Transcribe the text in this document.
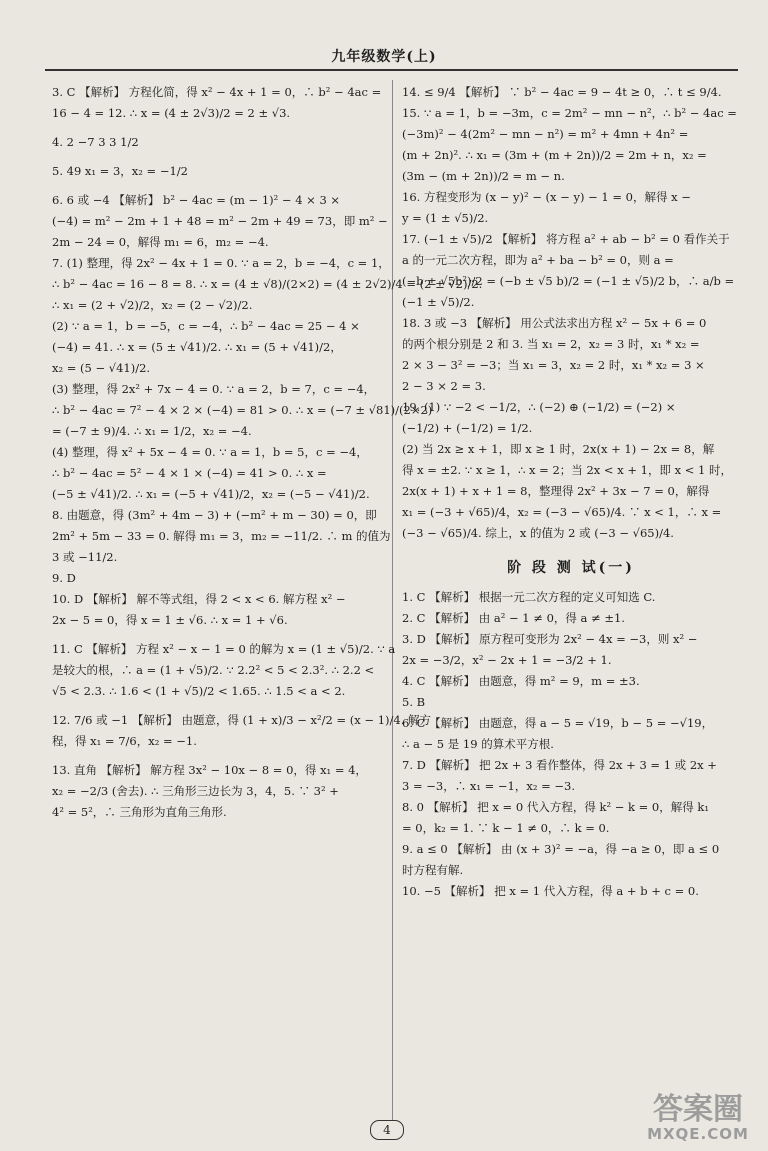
九年级数学(上)
3. C 【解析】 方程化简，得 x² − 4x + 1 = 0，∴ b² − 4ac =
16 − 4 = 12. ∴ x = (4 ± 2√3)/2 = 2 ± √3.
4. 2 −7 3 3 1/2
5. 49 x₁ = 3，x₂ = −1/2
6. 6 或 −4 【解析】 b² − 4ac = (m − 1)² − 4 × 3 ×
(−4) = m² − 2m + 1 + 48 = m² − 2m + 49 = 73，即 m² −
2m − 24 = 0，解得 m₁ = 6，m₂ = −4.
7. (1) 整理，得 2x² − 4x + 1 = 0. ∵ a = 2，b = −4，c = 1，
∴ b² − 4ac = 16 − 8 = 8. ∴ x = (4 ± √8)/(2×2) = (4 ± 2√2)/4 = (2 ± √2)/2.
∴ x₁ = (2 + √2)/2，x₂ = (2 − √2)/2.
(2) ∵ a = 1，b = −5，c = −4，∴ b² − 4ac = 25 − 4 ×
(−4) = 41. ∴ x = (5 ± √41)/2. ∴ x₁ = (5 + √41)/2，
x₂ = (5 − √41)/2.
(3) 整理，得 2x² + 7x − 4 = 0. ∵ a = 2，b = 7，c = −4，
∴ b² − 4ac = 7² − 4 × 2 × (−4) = 81 > 0. ∴ x = (−7 ± √81)/(2×2)
= (−7 ± 9)/4. ∴ x₁ = 1/2，x₂ = −4.
(4) 整理，得 x² + 5x − 4 = 0. ∵ a = 1，b = 5，c = −4，
∴ b² − 4ac = 5² − 4 × 1 × (−4) = 41 > 0. ∴ x =
(−5 ± √41)/2. ∴ x₁ = (−5 + √41)/2，x₂ = (−5 − √41)/2.
8. 由题意，得 (3m² + 4m − 3) + (−m² + m − 30) = 0，即
2m² + 5m − 33 = 0. 解得 m₁ = 3，m₂ = −11/2. ∴ m 的值为
3 或 −11/2.
9. D
10. D 【解析】 解不等式组，得 2 < x < 6. 解方程 x² −
2x − 5 = 0，得 x = 1 ± √6. ∴ x = 1 + √6.
11. C 【解析】 方程 x² − x − 1 = 0 的解为 x = (1 ± √5)/2. ∵ a
是较大的根，∴ a = (1 + √5)/2. ∵ 2.2² < 5 < 2.3². ∴ 2.2 <
√5 < 2.3. ∴ 1.6 < (1 + √5)/2 < 1.65. ∴ 1.5 < a < 2.
12. 7/6 或 −1 【解析】 由题意，得 (1 + x)/3 − x²/2 = (x − 1)/4. 解方
程，得 x₁ = 7/6，x₂ = −1.
13. 直角 【解析】 解方程 3x² − 10x − 8 = 0，得 x₁ = 4，
x₂ = −2/3 (舍去). ∴ 三角形三边长为 3，4，5. ∵ 3² +
4² = 5²，∴ 三角形为直角三角形.
14. ≤ 9/4 【解析】 ∵ b² − 4ac = 9 − 4t ≥ 0，∴ t ≤ 9/4.
15. ∵ a = 1，b = −3m，c = 2m² − mn − n²，∴ b² − 4ac =
(−3m)² − 4(2m² − mn − n²) = m² + 4mn + 4n² =
(m + 2n)². ∴ x₁ = (3m + (m + 2n))/2 = 2m + n，x₂ =
(3m − (m + 2n))/2 = m − n.
16. 方程变形为 (x − y)² − (x − y) − 1 = 0，解得 x −
y = (1 ± √5)/2.
17. (−1 ± √5)/2 【解析】 将方程 a² + ab − b² = 0 看作关于
a 的一元二次方程，即为 a² + ba − b² = 0，则 a =
(−b ± √5b²)/2 = (−b ± √5 b)/2 = (−1 ± √5)/2 b，∴ a/b =
(−1 ± √5)/2.
18. 3 或 −3 【解析】 用公式法求出方程 x² − 5x + 6 = 0
的两个根分别是 2 和 3. 当 x₁ = 2，x₂ = 3 时，x₁ * x₂ =
2 × 3 − 3² = −3；当 x₁ = 3，x₂ = 2 时，x₁ * x₂ = 3 ×
2 − 3 × 2 = 3.
19. (1) ∵ −2 < −1/2，∴ (−2) ⊕ (−1/2) = (−2) ×
(−1/2) + (−1/2) = 1/2.
(2) 当 2x ≥ x + 1，即 x ≥ 1 时，2x(x + 1) − 2x = 8，解
得 x = ±2. ∵ x ≥ 1，∴ x = 2；当 2x < x + 1，即 x < 1 时，
2x(x + 1) + x + 1 = 8，整理得 2x² + 3x − 7 = 0，解得
x₁ = (−3 + √65)/4，x₂ = (−3 − √65)/4. ∵ x < 1，∴ x =
(−3 − √65)/4. 综上，x 的值为 2 或 (−3 − √65)/4.
阶 段 测 试(一)
1. C 【解析】 根据一元二次方程的定义可知选 C.
2. C 【解析】 由 a² − 1 ≠ 0，得 a ≠ ±1.
3. D 【解析】 原方程可变形为 2x² − 4x = −3，则 x² −
2x = −3/2，x² − 2x + 1 = −3/2 + 1.
4. C 【解析】 由题意，得 m² = 9，m = ±3.
5. B
6. C 【解析】 由题意，得 a − 5 = √19，b − 5 = −√19，
∴ a − 5 是 19 的算术平方根.
7. D 【解析】 把 2x + 3 看作整体，得 2x + 3 = 1 或 2x +
3 = −3，∴ x₁ = −1，x₂ = −3.
8. 0 【解析】 把 x = 0 代入方程，得 k² − k = 0，解得 k₁
= 0，k₂ = 1. ∵ k − 1 ≠ 0，∴ k = 0.
9. a ≤ 0 【解析】 由 (x + 3)² = −a，得 −a ≥ 0，即 a ≤ 0
时方程有解.
10. −5 【解析】 把 x = 1 代入方程，得 a + b + c = 0.
4
答案圈
MXQE.COM
